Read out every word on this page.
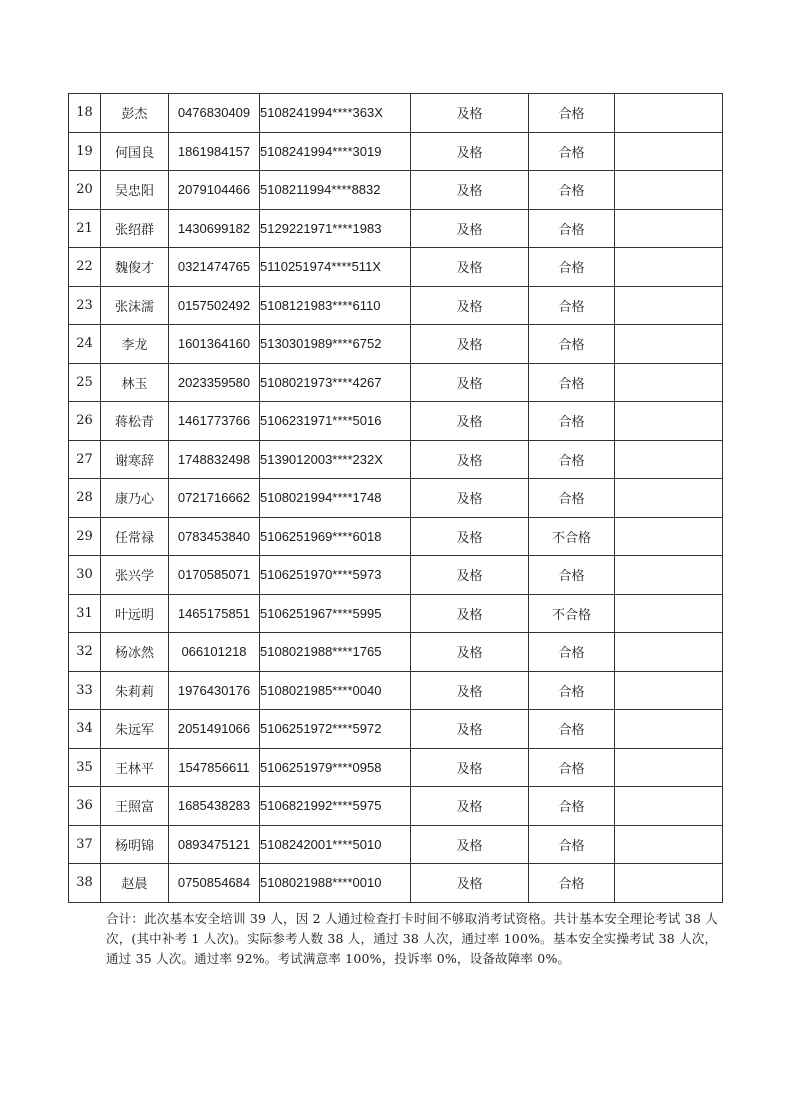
18	彭杰	0476830409	5108241994****363X	及格	合格	
19	何国良	1861984157	5108241994****3019	及格	合格	
20	吴忠阳	2079104466	5108211994****8832	及格	合格	
21	张绍群	1430699182	5129221971****1983	及格	合格	
22	魏俊才	0321474765	5110251974****511X	及格	合格	
23	张沫濡	0157502492	5108121983****6110	及格	合格	
24	李龙	1601364160	5130301989****6752	及格	合格	
25	林玉	2023359580	5108021973****4267	及格	合格	
26	蒋松青	1461773766	5106231971****5016	及格	合格	
27	谢寒辞	1748832498	5139012003****232X	及格	合格	
28	康乃心	0721716662	5108021994****1748	及格	合格	
29	任常禄	0783453840	5106251969****6018	及格	不合格	
30	张兴学	0170585071	5106251970****5973	及格	合格	
31	叶远明	1465175851	5106251967****5995	及格	不合格	
32	杨冰然	066101218	5108021988****1765	及格	合格	
33	朱莉莉	1976430176	5108021985****0040	及格	合格	
34	朱远军	2051491066	5106251972****5972	及格	合格	
35	王林平	1547856611	5106251979****0958	及格	合格	
36	王照富	1685438283	5106821992****5975	及格	合格	
37	杨明锦	0893475121	5108242001****5010	及格	合格	
38	赵晨	0750854684	5108021988****0010	及格	合格	
合计：此次基本安全培训 39 人，因 2 人通过检查打卡时间不够取消考试资格。共计基本安全理论考试 38 人次，(其中补考 1 人次)。实际参考人数 38 人，通过 38 人次，通过率 100%。基本安全实操考试 38 人次，通过 35 人次。通过率 92%。考试满意率 100%，投诉率 0%，设备故障率 0%。
